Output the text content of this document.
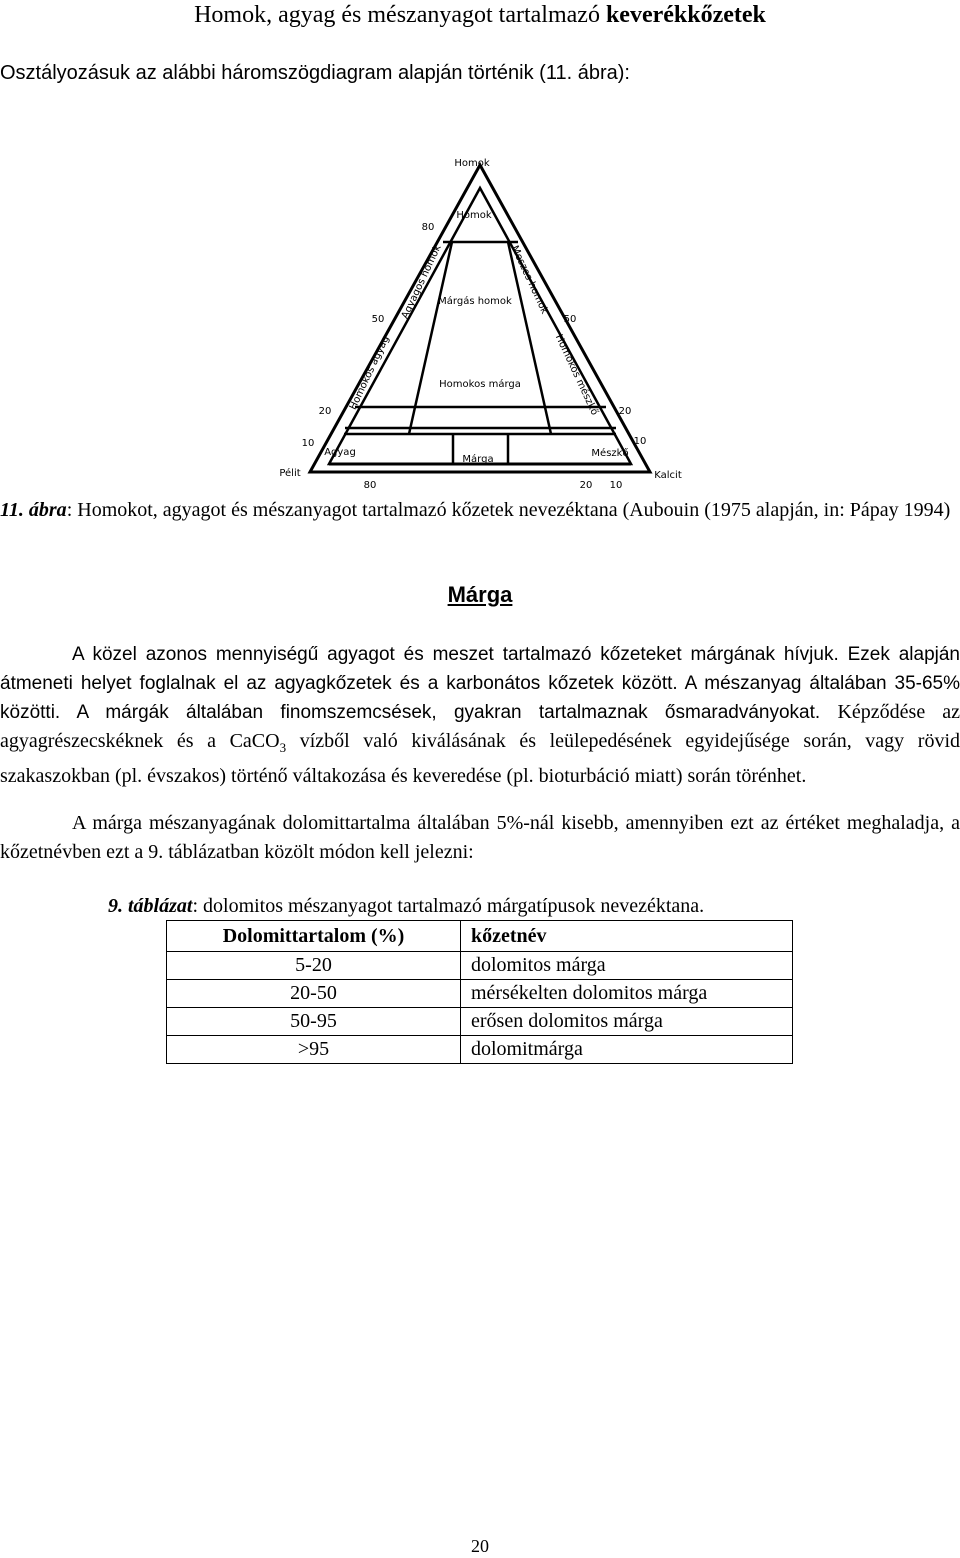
Homok, agyag és mészanyagot tartalmazó keverékkőzetek
Osztályozásuk az alábbi háromszögdiagram alapján történik (11. ábra):
Homok
Homok
Márgás homok
Homokos márga
Agyag
Márga
Mészkő
Pélit	Kalcit
Agyagos homok	Meszes homok
Homokos agyag	Homokos mészkő
80
50
20
10
50
20
10
80	20 10
11. ábra: Homokot, agyagot és mészanyagot tartalmazó kőzetek nevezéktana (Aubouin (1975 alapján, in: Pápay 1994)
Márga
A közel azonos mennyiségű agyagot és meszet tartalmazó kőzeteket márgának hívjuk. Ezek alapján átmeneti helyet foglalnak el az agyagkőzetek és a karbonátos kőzetek között. A mészanyag általában 35-65% közötti. A márgák általában finomszemcsések, gyakran tartalmaznak ősmaradványokat. Képződése az agyagrészecskéknek és a CaCO$_3$ vízből való kiválásának és leülepedésének egyidejűsége során, vagy rövid szakaszokban (pl. évszakos) történő váltakozása és keveredése (pl. bioturbáció miatt) során törénhet.
A márga mészanyagának dolomittartalma általában 5%-nál kisebb, amennyiben ezt az értéket meghaladja, a kőzetnévben ezt a 9. táblázatban közölt módon kell jelezni:
9. táblázat: dolomitos mészanyagot tartalmazó márgatípusok nevezéktana.
Dolomittartalom (%)	kőzetnév
5-20	dolomitos márga
20-50	mérsékelten dolomitos márga
50-95	erősen dolomitos márga
>95	dolomitmárga
20
